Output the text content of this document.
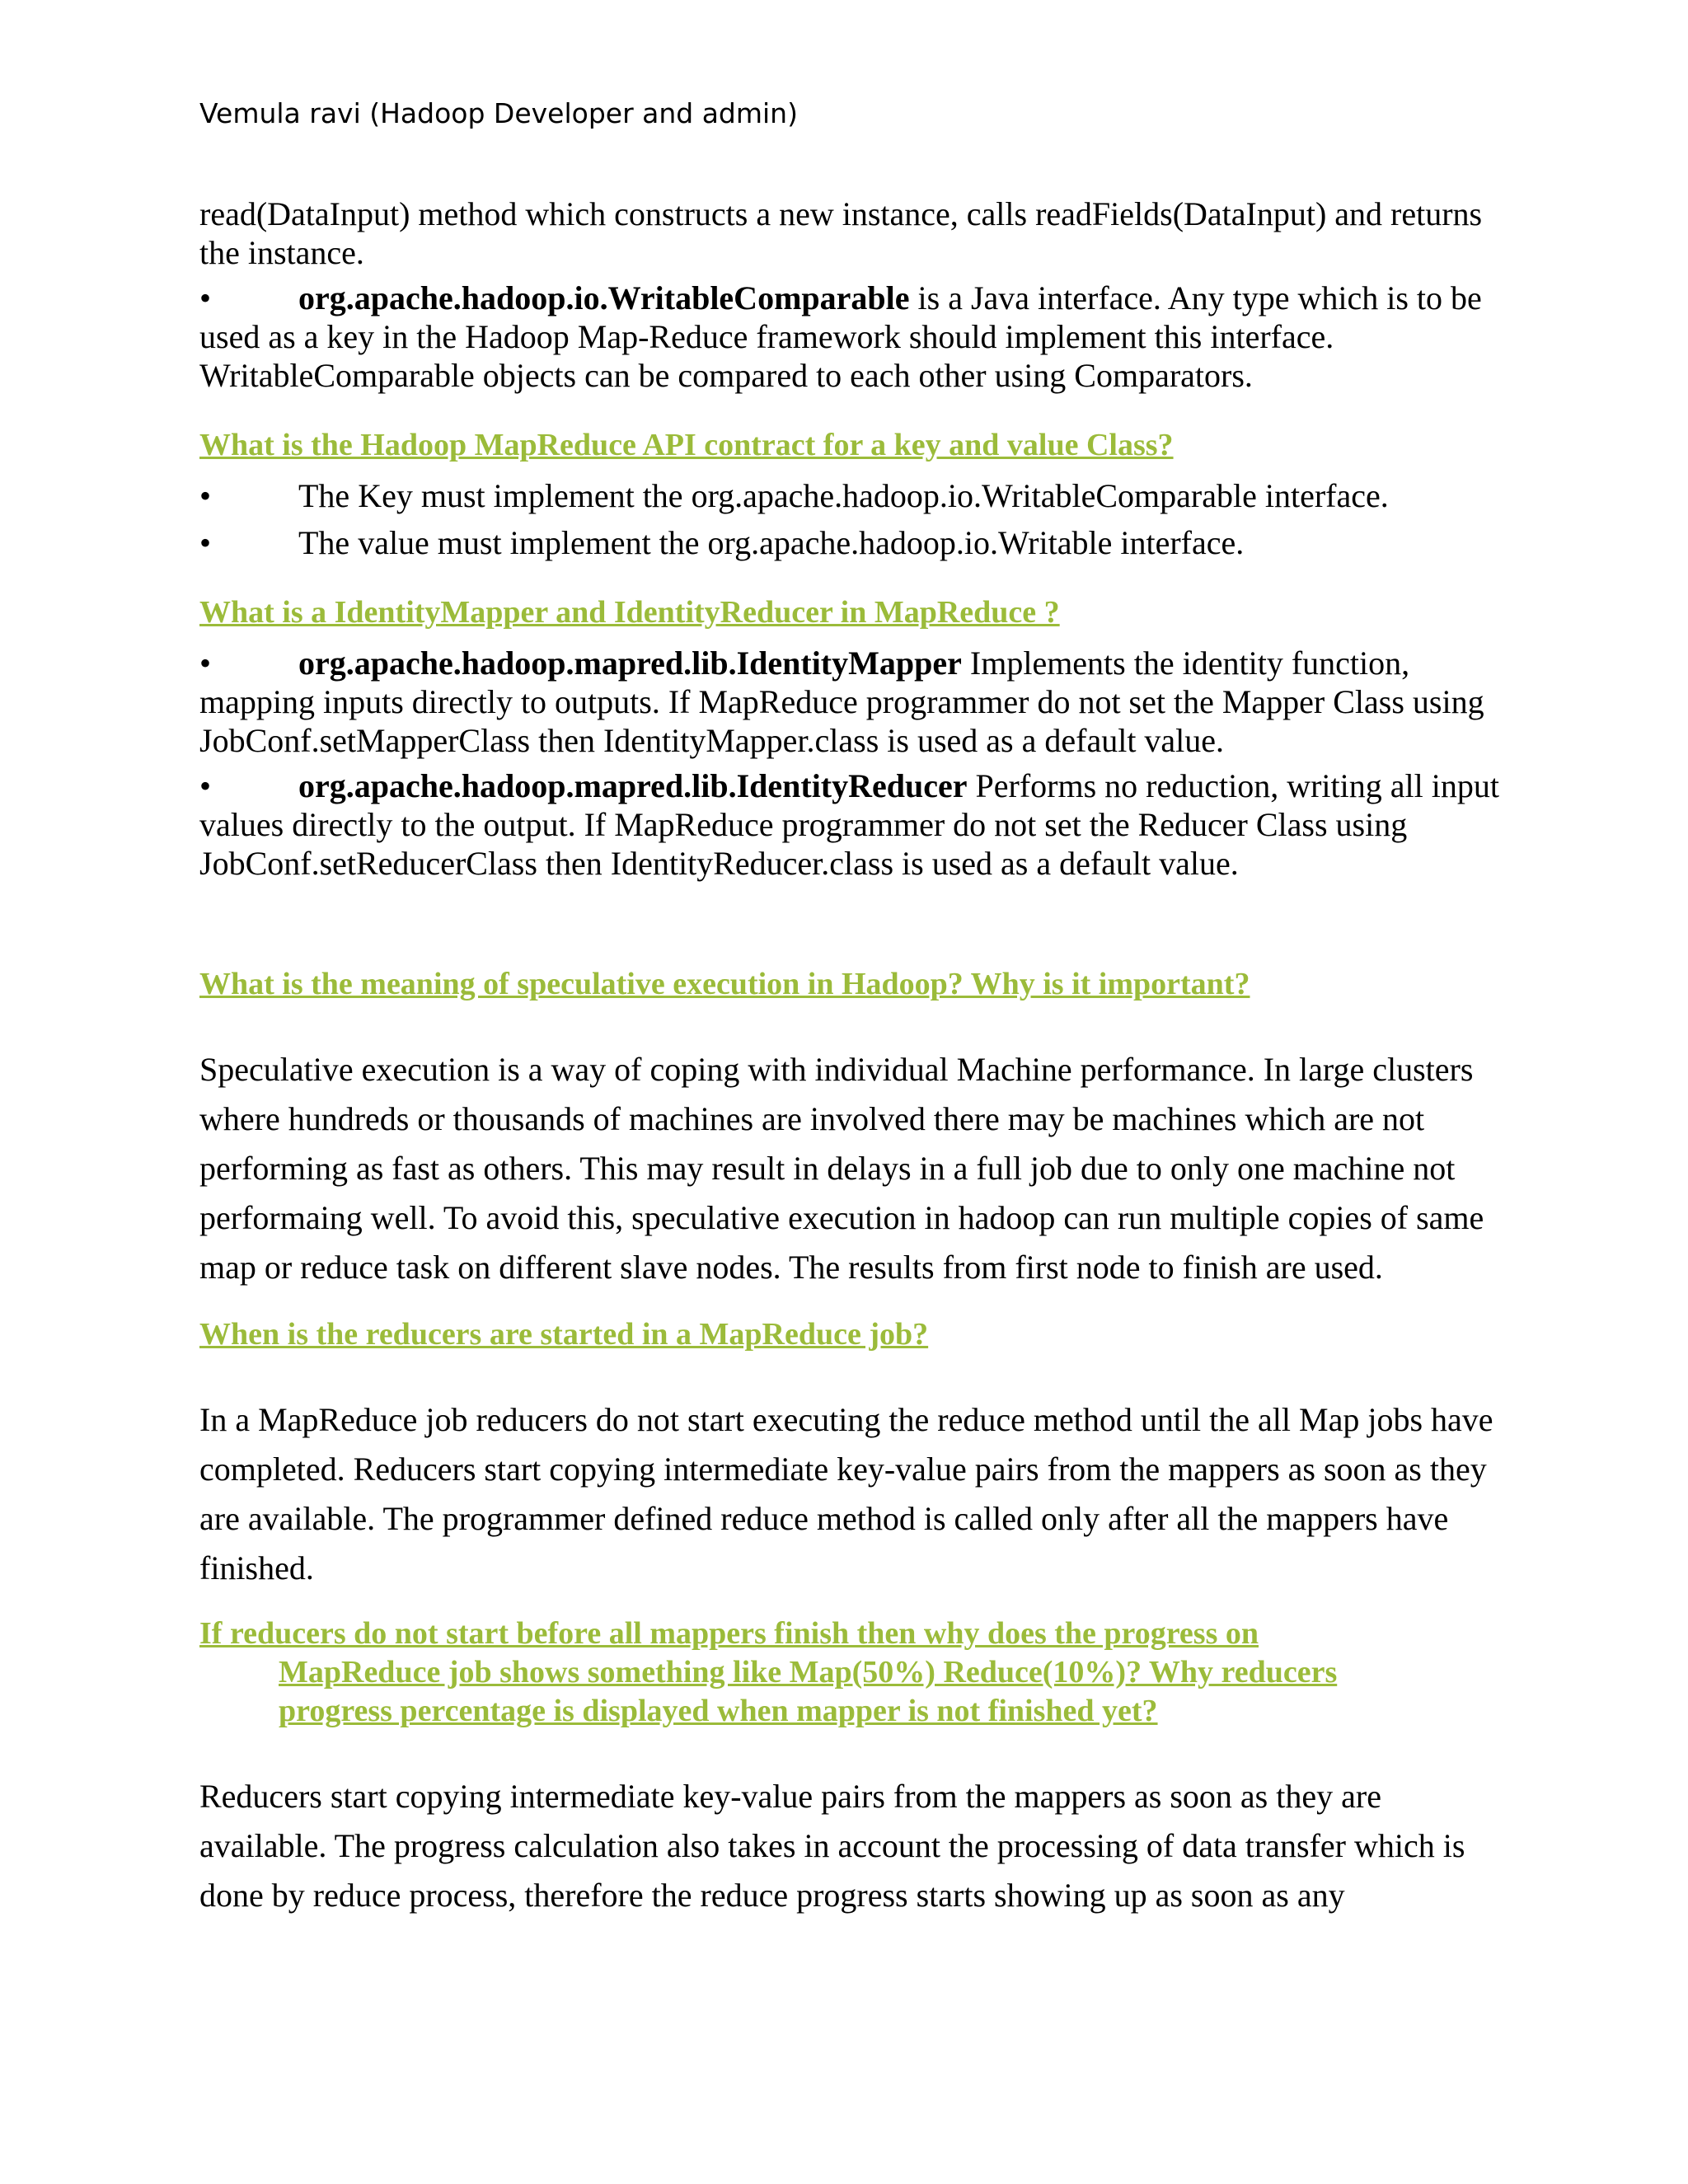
Vemula ravi (Hadoop Developer and admin)

read(DataInput) method which constructs a new instance, calls readFields(DataInput) and returns the instance.

•	org.apache.hadoop.io.WritableComparable is a Java interface. Any type which is to be used as a key in the Hadoop Map-Reduce framework should implement this interface. WritableComparable objects can be compared to each other using Comparators.

What is the Hadoop MapReduce API contract for a key and value Class?

•	The Key must implement the org.apache.hadoop.io.WritableComparable interface.

•	The value must implement the org.apache.hadoop.io.Writable interface.

What is a IdentityMapper and IdentityReducer in MapReduce ?

•	org.apache.hadoop.mapred.lib.IdentityMapper Implements the identity function, mapping inputs directly to outputs. If MapReduce programmer do not set the Mapper Class using JobConf.setMapperClass then IdentityMapper.class is used as a default value.

•	org.apache.hadoop.mapred.lib.IdentityReducer Performs no reduction, writing all input values directly to the output. If MapReduce programmer do not set the Reducer Class using JobConf.setReducerClass then IdentityReducer.class is used as a default value.

What is the meaning of speculative execution in Hadoop? Why is it important?

Speculative execution is a way of coping with individual Machine performance. In large clusters where hundreds or thousands of machines are involved there may be machines which are not performing as fast as others. This may result in delays in a full job due to only one machine not performaing well. To avoid this, speculative execution in hadoop can run multiple copies of same map or reduce task on different slave nodes. The results from first node to finish are used.

When is the reducers are started in a MapReduce job?

In a MapReduce job reducers do not start executing the reduce method until the all Map jobs have completed. Reducers start copying intermediate key-value pairs from the mappers as soon as they are available. The programmer defined reduce method is called only after all the mappers have finished.

If reducers do not start before all mappers finish then why does the progress on MapReduce job shows something like Map(50%) Reduce(10%)? Why reducers progress percentage is displayed when mapper is not finished yet?

Reducers start copying intermediate key-value pairs from the mappers as soon as they are available. The progress calculation also takes in account the processing of data transfer which is done by reduce process, therefore the reduce progress starts showing up as soon as any
